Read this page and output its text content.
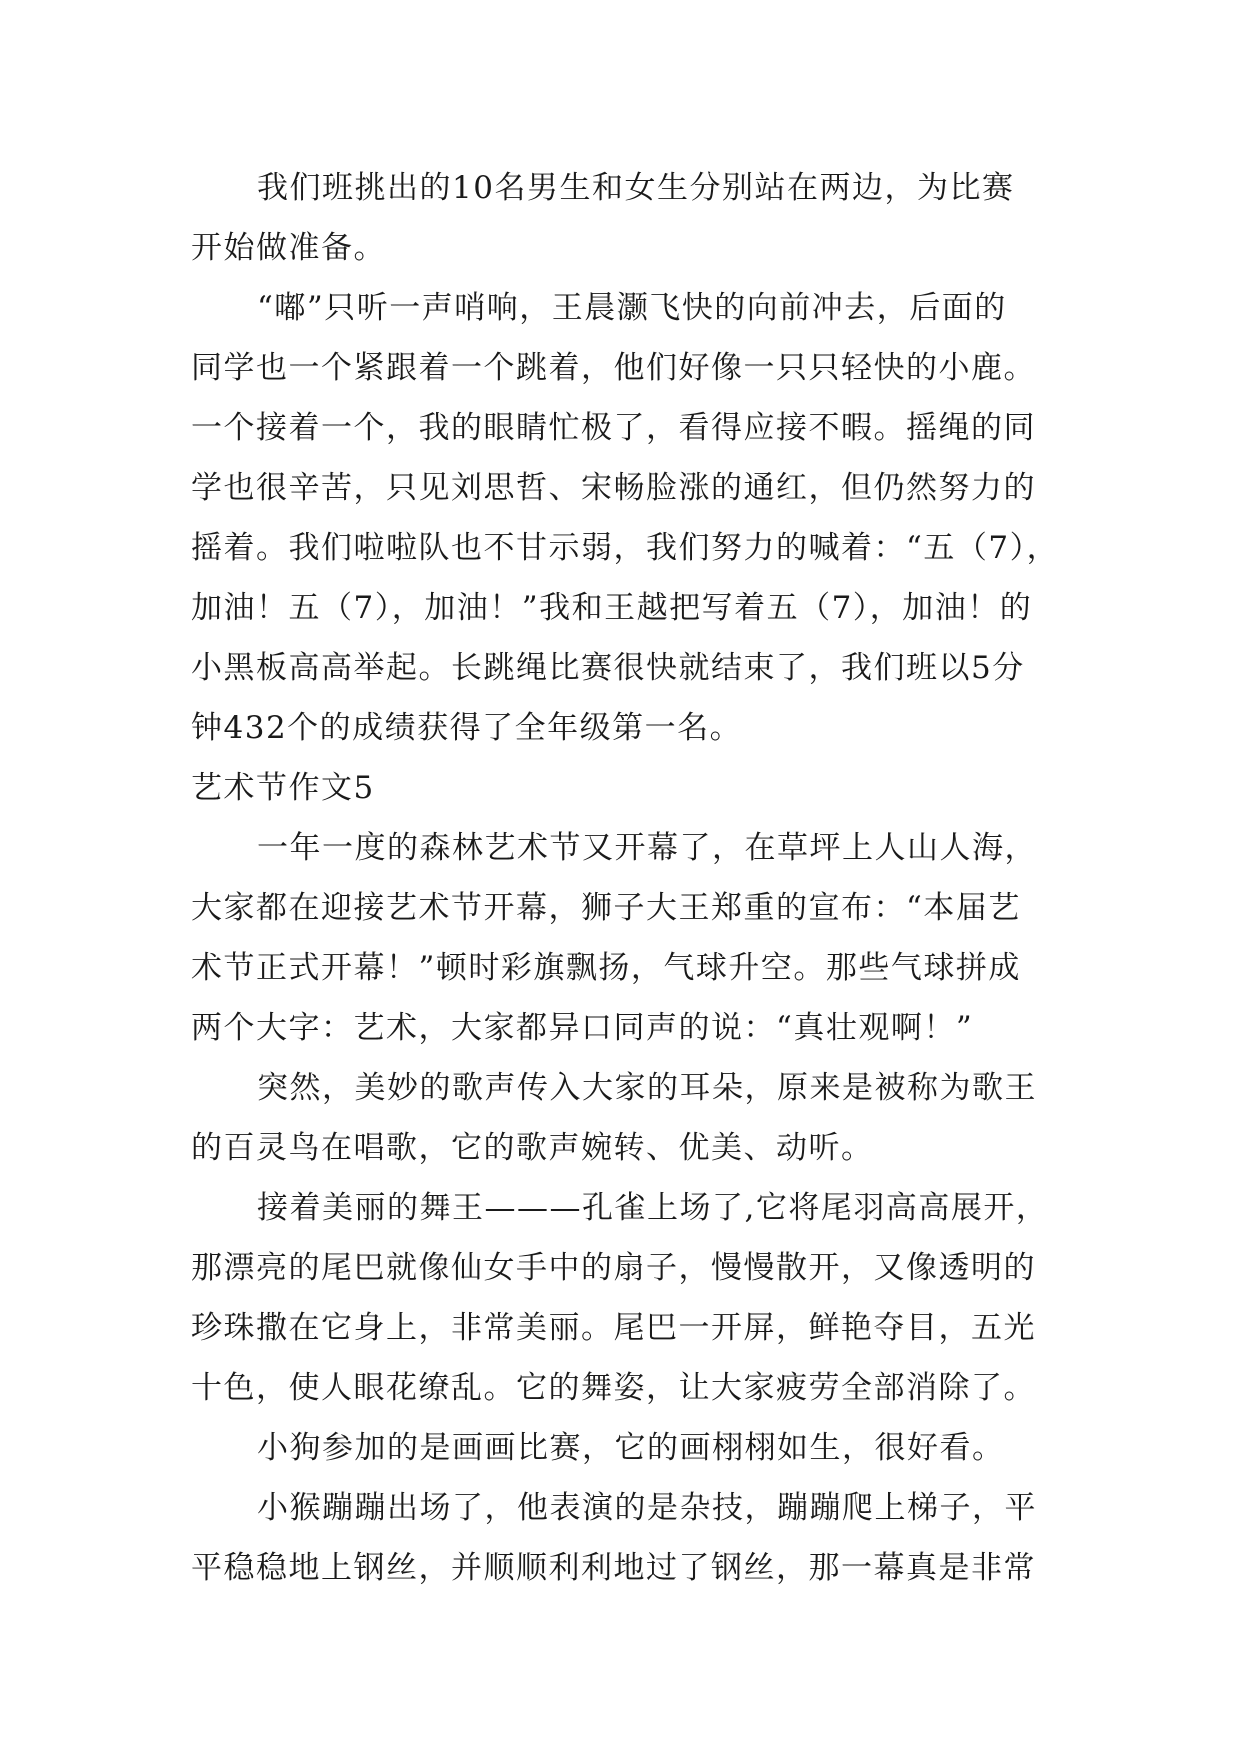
我们班挑出的10名男生和女生分别站在两边，为比赛
开始做准备。
“嘟”只听一声哨响，王晨灏飞快的向前冲去，后面的
同学也一个紧跟着一个跳着，他们好像一只只轻快的小鹿。
一个接着一个，我的眼睛忙极了，看得应接不暇。摇绳的同
学也很辛苦，只见刘思哲、宋畅脸涨的通红，但仍然努力的
摇着。我们啦啦队也不甘示弱，我们努力的喊着：“五（7），
加油！五（7），加油！”我和王越把写着五（7），加油！的
小黑板高高举起。长跳绳比赛很快就结束了，我们班以5分
钟432个的成绩获得了全年级第一名。
艺术节作文5
一年一度的森林艺术节又开幕了，在草坪上人山人海，
大家都在迎接艺术节开幕，狮子大王郑重的宣布：“本届艺
术节正式开幕！”顿时彩旗飘扬，气球升空。那些气球拼成
两个大字：艺术，大家都异口同声的说：“真壮观啊！”
突然，美妙的歌声传入大家的耳朵，原来是被称为歌王
的百灵鸟在唱歌，它的歌声婉转、优美、动听。
接着美丽的舞王———孔雀上场了,它将尾羽高高展开，
那漂亮的尾巴就像仙女手中的扇子，慢慢散开，又像透明的
珍珠撒在它身上，非常美丽。尾巴一开屏，鲜艳夺目，五光
十色，使人眼花缭乱。它的舞姿，让大家疲劳全部消除了。
小狗参加的是画画比赛，它的画栩栩如生，很好看。
小猴蹦蹦出场了，他表演的是杂技，蹦蹦爬上梯子，平
平稳稳地上钢丝，并顺顺利利地过了钢丝，那一幕真是非常
